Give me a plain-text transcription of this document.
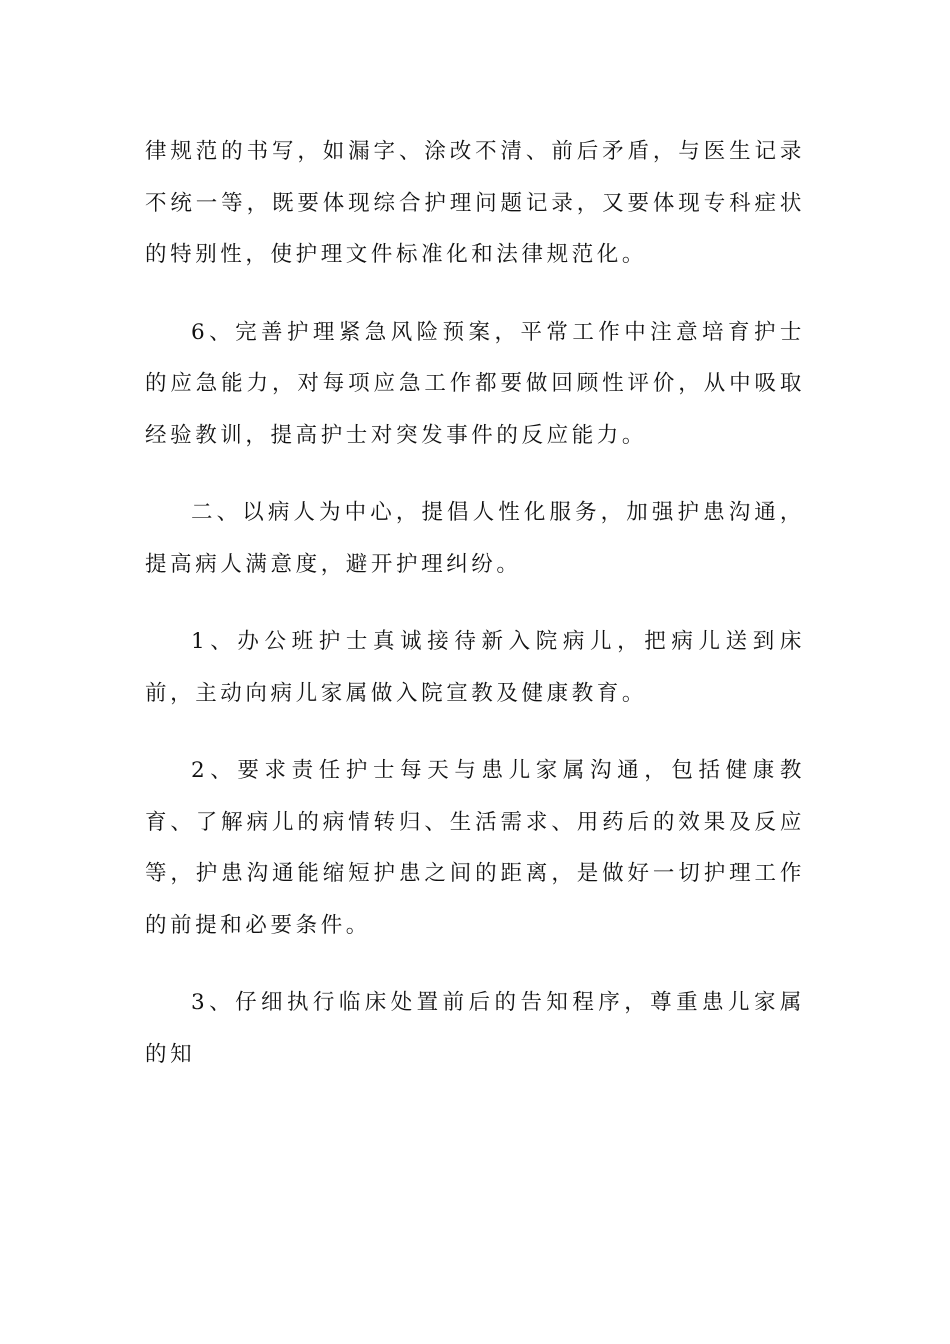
律规范的书写，如漏字、涂改不清、前后矛盾，与医生记录不统一等，既要体现综合护理问题记录，又要体现专科症状的特别性，使护理文件标准化和法律规范化。

6、完善护理紧急风险预案，平常工作中注意培育护士的应急能力，对每项应急工作都要做回顾性评价，从中吸取经验教训，提高护士对突发事件的反应能力。

二、以病人为中心，提倡人性化服务，加强护患沟通，提高病人满意度，避开护理纠纷。

1、办公班护士真诚接待新入院病儿，把病儿送到床前，主动向病儿家属做入院宣教及健康教育。

2、要求责任护士每天与患儿家属沟通，包括健康教育、了解病儿的病情转归、生活需求、用药后的效果及反应等，护患沟通能缩短护患之间的距离，是做好一切护理工作的前提和必要条件。

3、仔细执行临床处置前后的告知程序，尊重患儿家属的知
